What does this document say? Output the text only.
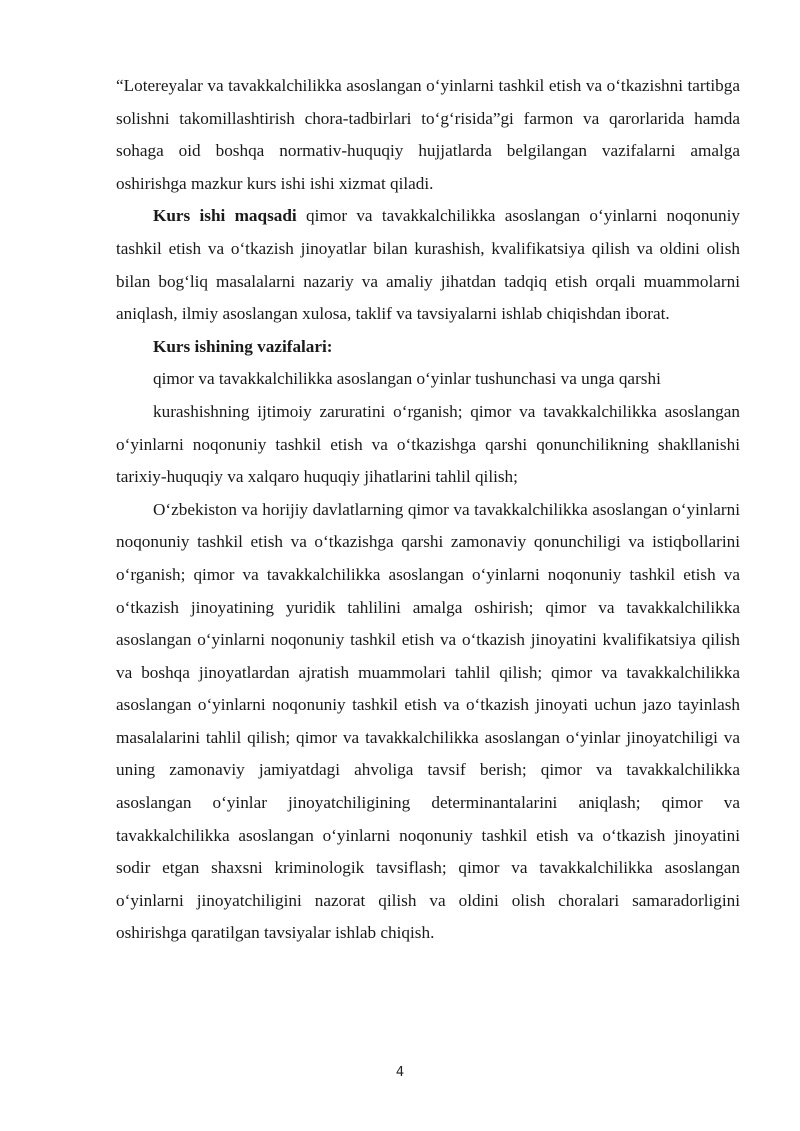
“Lotereyalar va tavakkalchilikka asoslangan o‘yinlarni tashkil etish va o‘tkazishni tartibga solishni takomillashtirish chora-tadbirlari to‘g‘risida”gi farmon va qarorlarida hamda sohaga oid boshqa normativ-huquqiy hujjatlarda belgilangan vazifalarni amalga oshirishga mazkur kurs ishi ishi xizmat qiladi.

Kurs ishi maqsadi qimor va tavakkalchilikka asoslangan o‘yinlarni noqonuniy tashkil etish va o‘tkazish jinoyatlar bilan kurashish, kvalifikatsiya qilish va oldini olish bilan bog‘liq masalalarni nazariy va amaliy jihatdan tadqiq etish orqali muammolarni aniqlash, ilmiy asoslangan xulosa, taklif va tavsiyalarni ishlab chiqishdan iborat.

Kurs ishining vazifalari:

qimor va tavakkalchilikka asoslangan o‘yinlar tushunchasi va unga qarshi

kurashishning ijtimoiy zaruratini o‘rganish; qimor va tavakkalchilikka asoslangan o‘yinlarni noqonuniy tashkil etish va o‘tkazishga qarshi qonunchilikning shakllanishi tarixiy-huquqiy va xalqaro huquqiy jihatlarini tahlil qilish;

O‘zbekiston va horijiy davlatlarning qimor va tavakkalchilikka asoslangan o‘yinlarni noqonuniy tashkil etish va o‘tkazishga qarshi zamonaviy qonunchiligi va istiqbollarini o‘rganish; qimor va tavakkalchilikka asoslangan o‘yinlarni noqonuniy tashkil etish va o‘tkazish jinoyatining yuridik tahlilini amalga oshirish; qimor va tavakkalchilikka asoslangan o‘yinlarni noqonuniy tashkil etish va o‘tkazish jinoyatini kvalifikatsiya qilish va boshqa jinoyatlardan ajratish muammolari tahlil qilish; qimor va tavakkalchilikka asoslangan o‘yinlarni noqonuniy tashkil etish va o‘tkazish jinoyati uchun jazo tayinlash masalalarini tahlil qilish; qimor va tavakkalchilikka asoslangan o‘yinlar jinoyatchiligi va uning zamonaviy jamiyatdagi ahvoliga tavsif berish; qimor va tavakkalchilikka asoslangan o‘yinlar jinoyatchiligining determinantalarini aniqlash; qimor va tavakkalchilikka asoslangan o‘yinlarni noqonuniy tashkil etish va o‘tkazish jinoyatini sodir etgan shaxsni kriminologik tavsiflash; qimor va tavakkalchilikka asoslangan o‘yinlarni jinoyatchiligini nazorat qilish va oldini olish choralari samaradorligini oshirishga qaratilgan tavsiyalar ishlab chiqish.

4
